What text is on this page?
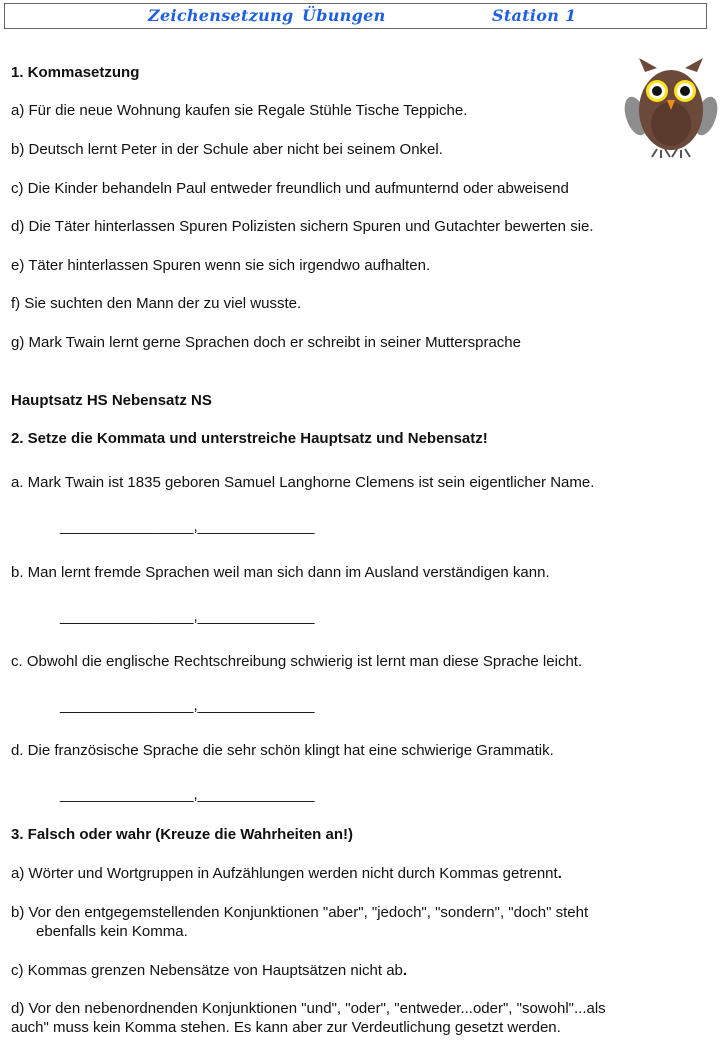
Zeichensetzung Übungen	Station 1
1. Kommasetzung
a) Für die neue Wohnung kaufen sie Regale Stühle Tische Teppiche.
b) Deutsch lernt Peter in der Schule aber nicht bei seinem Onkel.
c) Die Kinder behandeln Paul entweder freundlich und aufmunternd oder abweisend
d) Die Täter hinterlassen Spuren Polizisten sichern Spuren und Gutachter bewerten sie.
e) Täter hinterlassen Spuren wenn sie sich irgendwo aufhalten.
f) Sie suchten den Mann der zu viel wusste.
g) Mark Twain lernt gerne Sprachen doch er schreibt in seiner Muttersprache
Hauptsatz HS Nebensatz NS
2. Setze die Kommata und unterstreiche Hauptsatz und Nebensatz!
a. Mark Twain ist 1835 geboren Samuel Langhorne Clemens ist sein eigentlicher Name.
________________,______________
b. Man lernt fremde Sprachen weil man sich dann im Ausland verständigen kann.
________________,______________
c. Obwohl die englische Rechtschreibung schwierig ist lernt man diese Sprache leicht.
________________,______________
d. Die französische Sprache die sehr schön klingt hat eine schwierige Grammatik.
________________,______________
3. Falsch oder wahr (Kreuze die Wahrheiten an!)
a) Wörter und Wortgruppen in Aufzählungen werden nicht durch Kommas getrennt.
b) Vor den entgegemstellenden Konjunktionen "aber", "jedoch", "sondern", "doch" steht
ebenfalls kein Komma.
c) Kommas grenzen Nebensätze von Hauptsätzen nicht ab.
d) Vor den nebenordnenden Konjunktionen "und", "oder", "entweder...oder", "sowohl"...als
auch" muss kein Komma stehen. Es kann aber zur Verdeutlichung gesetzt werden.
